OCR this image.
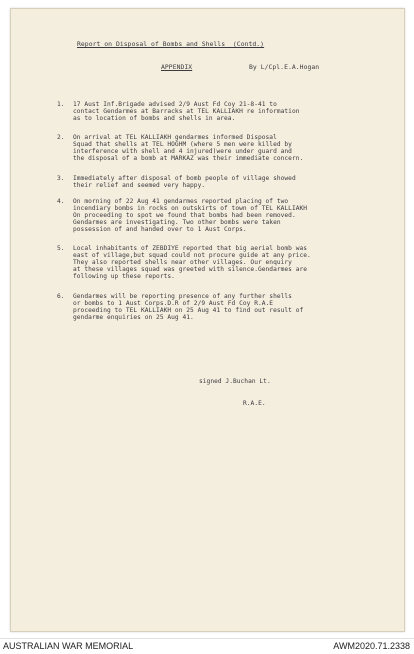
Report on Disposal of Bombs and Shells  (Contd.)
APPENDIX	By L/Cpl.E.A.Hogan
1. 17 Aust Inf.Brigade advised 2/9 Aust Fd Coy 21-8-41 to
contact Gendarmes at Barracks at TEL KALLIAKH re information
as to location of bombs and shells in area.
2. On arrival at TEL KALLIAKH gendarmes informed Disposal
Squad that shells at TEL HOGHM (where 5 men were killed by
interference with shell and 4 injured)were under guard and
the disposal of a bomb at MARKAZ was their immediate concern.
3. Immediately after disposal of bomb people of village showed
their relief and seemed very happy.
4. On morning of 22 Aug 41 gendarmes reported placing of two
incendiary bombs in rocks on outskirts of town of TEL KALLIAKH
On proceeding to spot we found that bombs had been removed.
Gendarmes are investigating. Two other bombs were taken
possession of and handed over to 1 Aust Corps.
5. Local inhabitants of ZEBDIYE reported that big aerial bomb was
east of village,but squad could not procure guide at any price.
They also reported shells near other villages. Our enquiry
at these villages squad was greeted with silence.Gendarmes are
following up these reports.
6. Gendarmes will be reporting presence of any further shells
or bombs to 1 Aust Corps.D.R of 2/9 Aust Fd Coy R.A.E
proceeding to TEL KALLIAKH on 25 Aug 41 to find out result of
gendarme enquiries on 25 Aug 41.
signed J.Buchan Lt.
R.A.E.
AUSTRALIAN WAR MEMORIAL	AWM2020.71.2338
